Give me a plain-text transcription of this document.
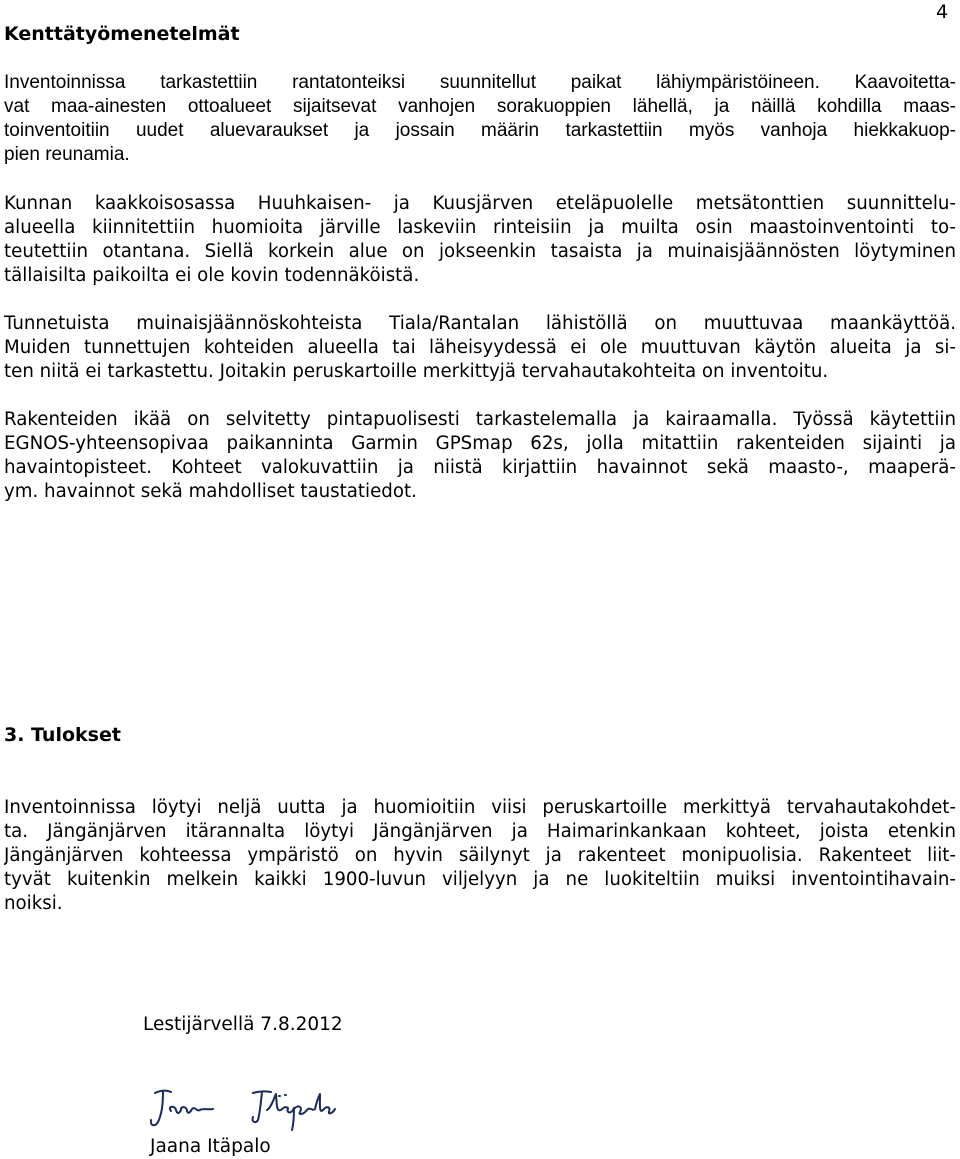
4
Kenttätyömenetelmät
Inventoinnissa tarkastettiin rantatonteiksi suunnitellut paikat lähiympäristöineen. Kaavoitetta-
vat maa-ainesten ottoalueet sijaitsevat vanhojen sorakuoppien lähellä, ja näillä kohdilla maas-
toinventoitiin uudet aluevaraukset ja jossain määrin tarkastettiin myös vanhoja hiekkakuop-
pien reunamia.
Kunnan kaakkoisosassa Huuhkaisen- ja Kuusjärven eteläpuolelle metsätonttien suunnittelu-
alueella kiinnitettiin huomioita järville laskeviin rinteisiin ja muilta osin maastoinventointi to-
teutettiin otantana. Siellä korkein alue on jokseenkin tasaista ja muinaisjäännösten löytyminen
tällaisilta paikoilta ei ole kovin todennäköistä.
Tunnetuista muinaisjäännöskohteista Tiala/Rantalan lähistöllä on muuttuvaa maankäyttöä.
Muiden tunnettujen kohteiden alueella tai läheisyydessä ei ole muuttuvan käytön alueita ja si-
ten niitä ei tarkastettu. Joitakin peruskartoille merkittyjä tervahautakohteita on inventoitu.
Rakenteiden ikää on selvitetty pintapuolisesti tarkastelemalla ja kairaamalla. Työssä käytettiin
EGNOS-yhteensopivaa paikanninta Garmin GPSmap 62s, jolla mitattiin rakenteiden sijainti ja
havaintopisteet. Kohteet valokuvattiin ja niistä kirjattiin havainnot sekä maasto-, maaperä-
ym. havainnot sekä mahdolliset taustatiedot.
3. Tulokset
Inventoinnissa löytyi neljä uutta ja huomioitiin viisi peruskartoille merkittyä tervahautakohdet-
ta. Jängänjärven itärannalta löytyi Jängänjärven ja Haimarinkankaan kohteet, joista etenkin
Jängänjärven kohteessa ympäristö on hyvin säilynyt ja rakenteet monipuolisia. Rakenteet liit-
tyvät kuitenkin melkein kaikki 1900-luvun viljelyyn ja ne luokiteltiin muiksi inventointihavain-
noiksi.
Lestijärvellä 7.8.2012
Jaana Itäpalo
